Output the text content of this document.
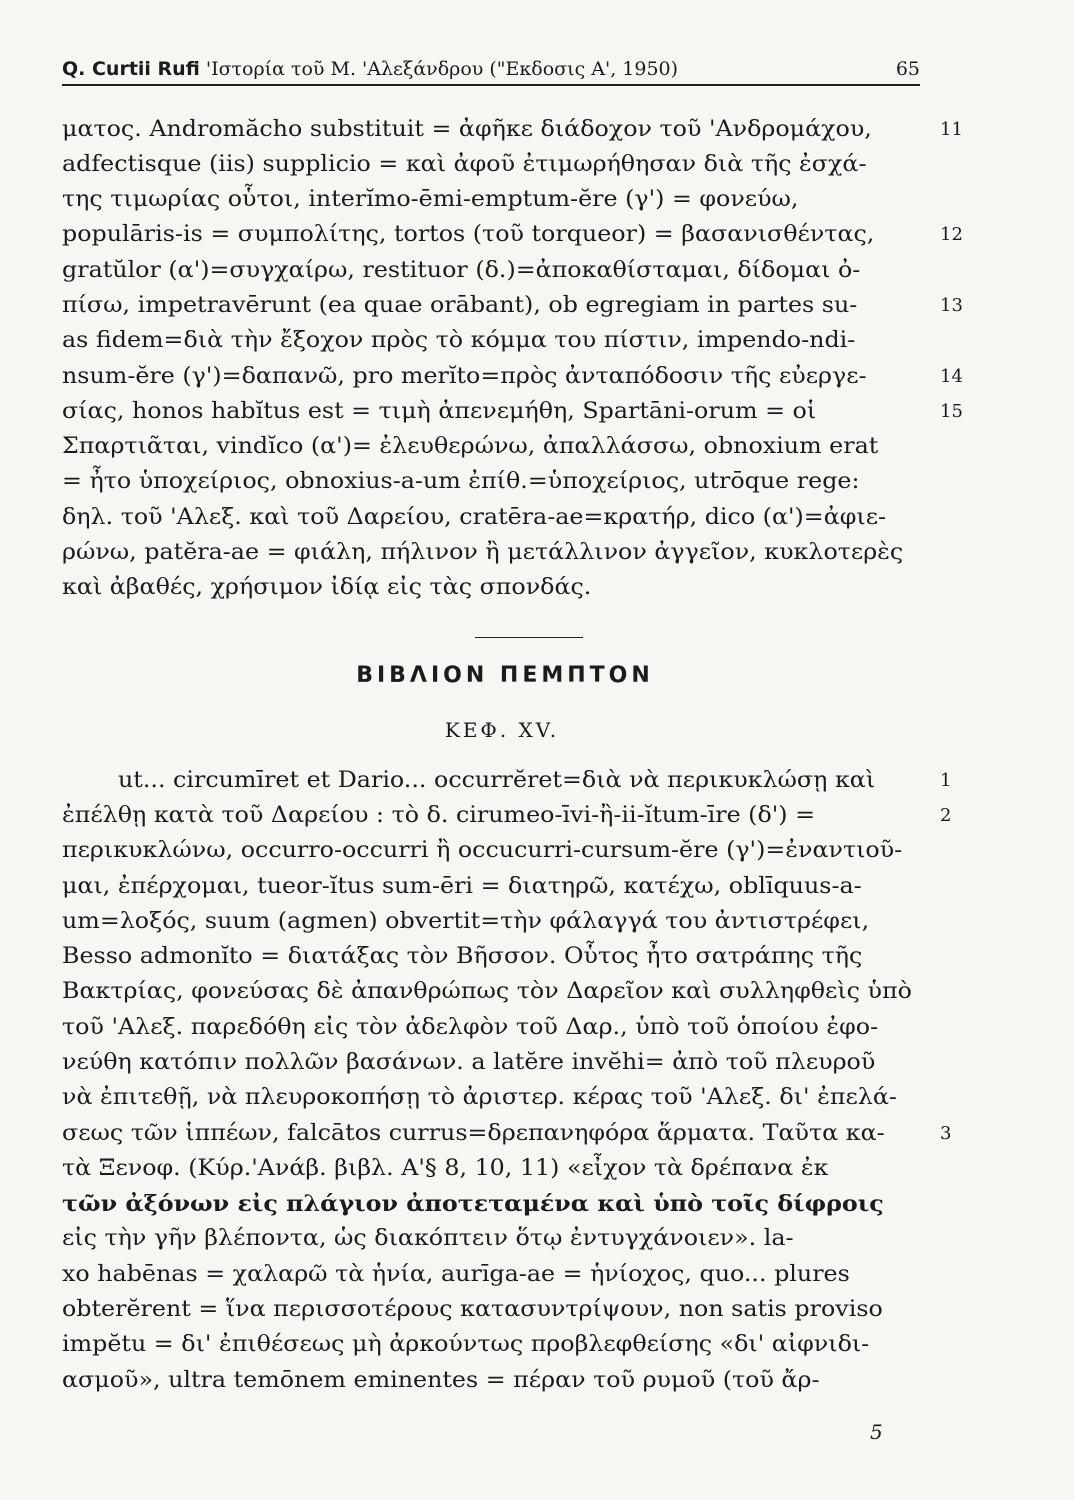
Q. Curtii Rufi 'Ιστορία τοῦ Μ. 'Αλεξάνδρου ("Εκδοσις Α', 1950)	65
ματος. Andromăcho substituit = ἀφῆκε διάδοχον τοῦ 'Ανδρομάχου,
adfectisque (iis) supplicio = καὶ ἀφοῦ ἐτιμωρήθησαν διὰ τῆς ἐσχά-
της τιμωρίας οὗτοι, interĭmo-ēmi-emptum-ĕre (γ') = φονεύω,
populāris-is = συμπολίτης, tortos (τοῦ torqueor) = βασανισθέντας,
gratŭlor (α')=συγχαίρω, restituor (δ.)=ἀποκαθίσταμαι, δίδομαι ὀ-
πίσω, impetravērunt (ea quae orābant), ob egregiam in partes su-
as fidem=διὰ τὴν ἔξοχον πρὸς τὸ κόμμα του πίστιν, impendo-ndi-
nsum-ĕre (γ')=δαπανῶ, pro merĭto=πρὸς ἀνταπόδοσιν τῆς εὐεργε-
σίας, honos habĭtus est = τιμὴ ἀπενεμήθη, Spartāni-orum = οἱ
Σπαρτιᾶται, vindĭco (α')= ἐλευθερώνω, ἀπαλλάσσω, obnoxium erat
= ἦτο ὑποχείριος, obnoxius-a-um ἐπίθ.=ὑποχείριος, utrōque rege:
δηλ. τοῦ 'Αλεξ. καὶ τοῦ Δαρείου, cratēra-ae=κρατήρ, dico (α')=ἀφιε-
ρώνω, patĕra-ae = φιάλη, πήλινον ἢ μετάλλινον ἀγγεῖον, κυκλοτερὲς
καὶ ἀβαθές, χρήσιμον ἰδίᾳ εἰς τὰς σπονδάς.
11
12
13
14
15
ΒΙΒΛΙΟΝ ΠΕΜΠΤΟΝ
ΚΕΦ. XV.
ut... circumīret et Dario... occurrĕret=διὰ νὰ περικυκλώσῃ καὶ
ἐπέλθῃ κατὰ τοῦ Δαρείου : τὸ δ. cirumeo-īvi-ἢ-ii-ĭtum-īre (δ') =
περικυκλώνω, occurro-occurri ἢ occucurri-cursum-ĕre (γ')=ἐναντιοῦ-
μαι, ἐπέρχομαι, tueor-ĭtus sum-ēri = διατηρῶ, κατέχω, oblīquus-a-
um=λοξός, suum (agmen) obvertit=τὴν φάλαγγά του ἀντιστρέφει,
Besso admonĭto = διατάξας τὸν Βῆσσον. Οὗτος ἦτο σατράπης τῆς
Βακτρίας, φονεύσας δὲ ἀπανθρώπως τὸν Δαρεῖον καὶ συλληφθεὶς ὑπὸ
τοῦ 'Αλεξ. παρεδόθη εἰς τὸν ἀδελφὸν τοῦ Δαρ., ὑπὸ τοῦ ὁποίου ἐφο-
νεύθη κατόπιν πολλῶν βασάνων. a latĕre invĕhi= ἀπὸ τοῦ πλευροῦ
νὰ ἐπιτεθῇ, νὰ πλευροκοπήσῃ τὸ ἀριστερ. κέρας τοῦ 'Αλεξ. δι' ἐπελά-
σεως τῶν ἱππέων, falcātos currus=δρεπανηφόρα ἅρματα. Ταῦτα κα-
τὰ Ξενοφ. (Κύρ.'Ανάβ. βιβλ. Α'§ 8, 10, 11) «εἶχον τὰ δρέπανα ἐκ
τῶν ἀξόνων εἰς πλάγιον ἀποτεταμένα καὶ ὑπὸ τοῖς δίφροις
εἰς τὴν γῆν βλέποντα, ὡς διακόπτειν ὅτῳ ἐντυγχάνοιεν». la-
xo habēnas = χαλαρῶ τὰ ἡνία, aurīga-ae = ἡνίοχος, quo... plures
obterĕrent = ἵνα περισσοτέρους κατασυντρίψουν, non satis proviso
impĕtu = δι' ἐπιθέσεως μὴ ἀρκούντως προβλεφθείσης «δι' αἰφνιδι-
ασμοῦ», ultra temōnem eminentes = πέραν τοῦ ρυμοῦ (τοῦ ἄρ-
1
2
3
5
